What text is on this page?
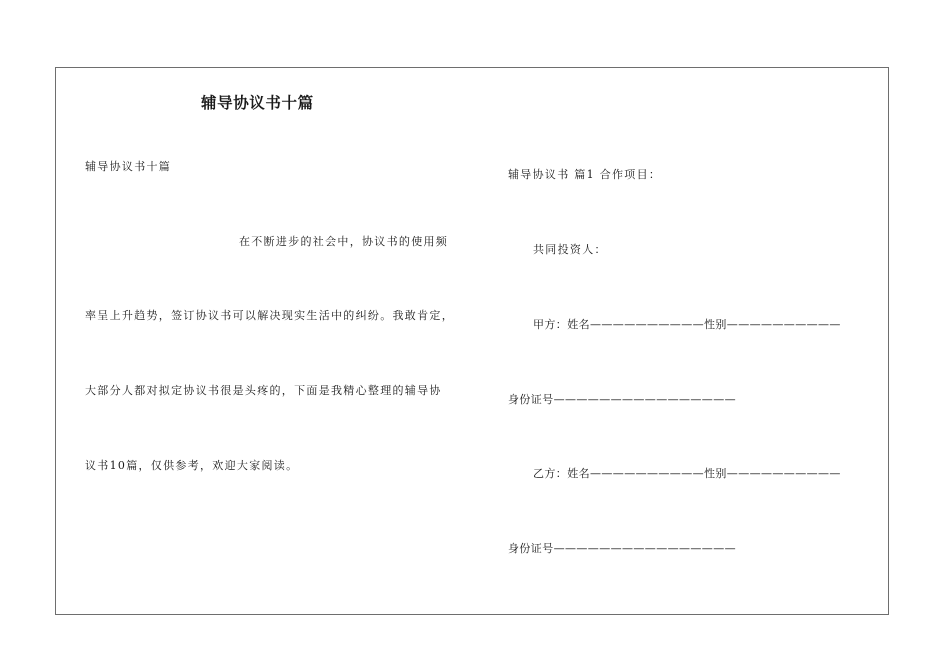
辅导协议书十篇
辅导协议书十篇
在不断进步的社会中，协议书的使用频
率呈上升趋势，签订协议书可以解决现实生活中的纠纷。我敢肯定，
大部分人都对拟定协议书很是头疼的，下面是我精心整理的辅导协
议书10篇，仅供参考，欢迎大家阅读。
辅导协议书 篇1 合作项目：
共同投资人：
甲方：姓名——————————性别——————————
身份证号————————————————
乙方：姓名——————————性别——————————
身份证号————————————————
